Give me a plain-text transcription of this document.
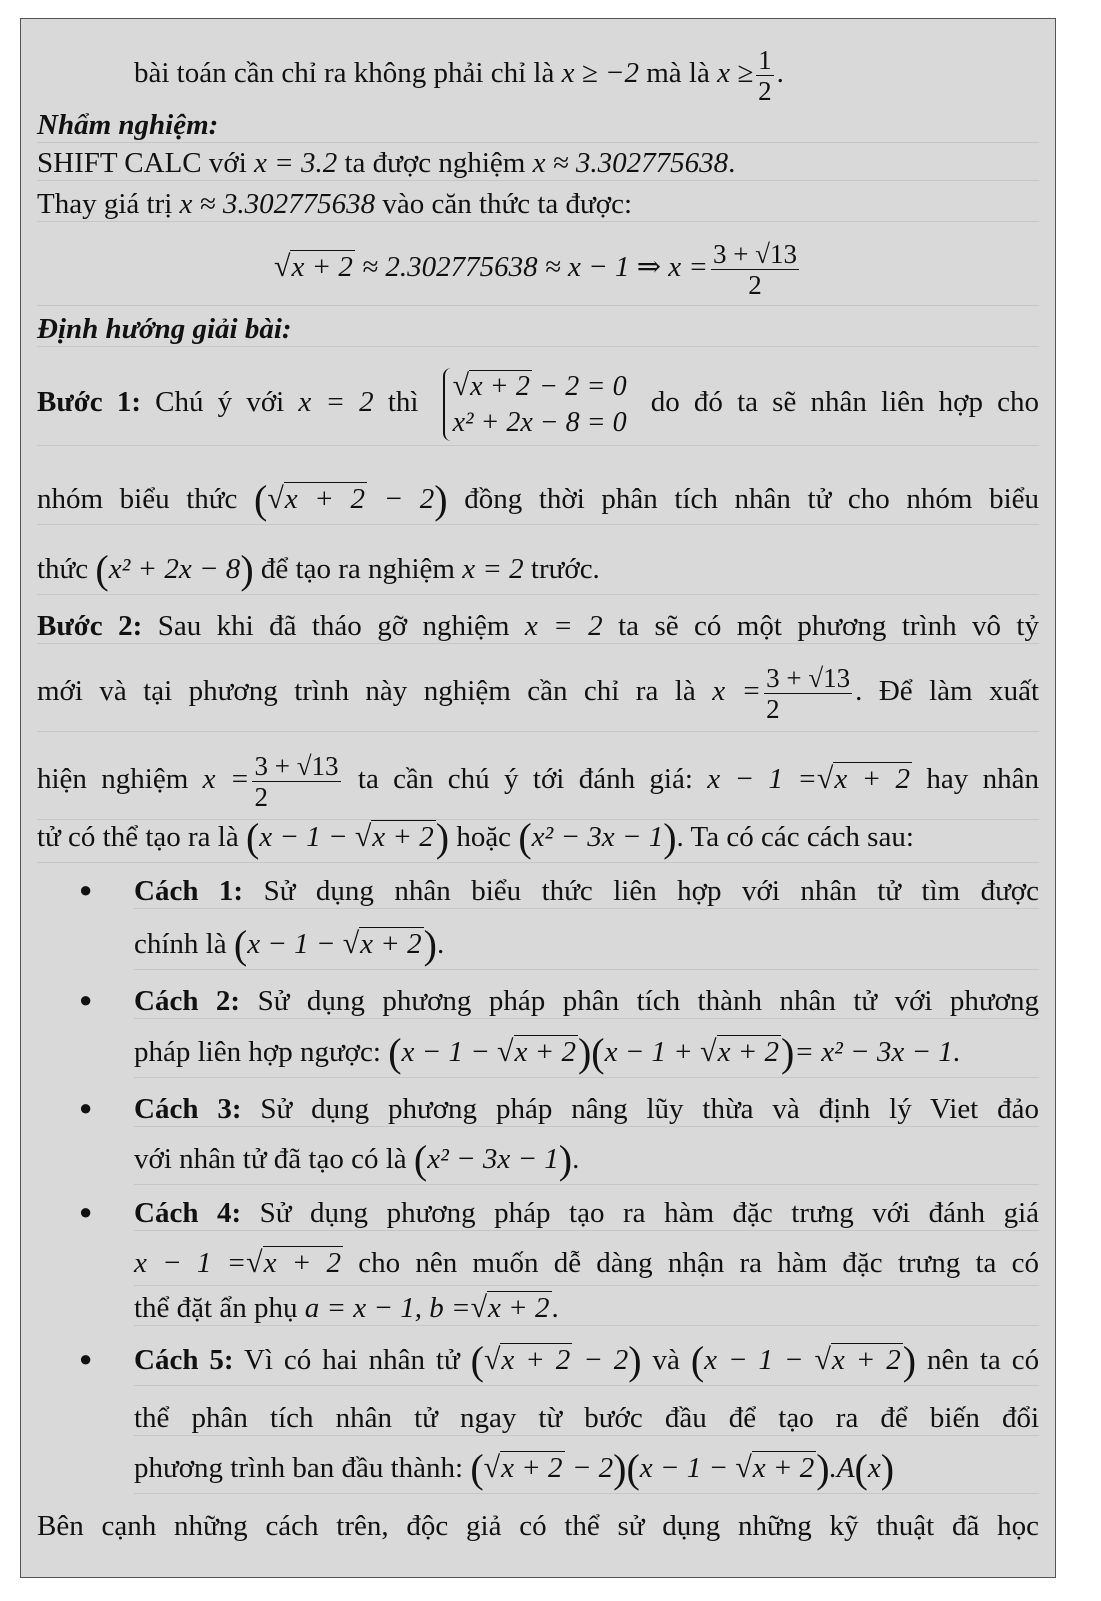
bài toán cần chỉ ra không phải chỉ là x ≥ −2 mà là $x \ge \frac{1}{2}$ .
Nhẩm nghiệm:
SHIFT CALC với x = 3.2 ta được nghiệm x ≈ 3.302775638.
Thay giá trị x ≈ 3.302775638 vào căn thức ta được:
√x + 2 ≈ 2.302775638 ≈ x − 1 ⇒ $x = \frac{3 + √13}{2}$
Định hướng giải bài:
Bước 1: Chú ý với x = 2 thì
√x + 2 − 2 = 0
x² + 2x − 8 = 0
do đó ta sẽ nhân liên hợp cho
nhóm biểu thức (√x + 2 − 2) đồng thời phân tích nhân tử cho nhóm biểu
thức (x² + 2x − 8) để tạo ra nghiệm x = 2 trước.
Bước 2: Sau khi đã tháo gỡ nghiệm x = 2 ta sẽ có một phương trình vô tỷ
mới và tại phương trình này nghiệm cần chỉ ra là $x = \frac{3 + √13}{2}$ . Để làm xuất
hiện nghiệm $x = \frac{3 + √13}{2}$ ta cần chú ý tới đánh giá: x − 1 =√x + 2 hay nhân
tử có thể tạo ra là (x − 1 − √x + 2) hoặc (x² − 3x − 1). Ta có các cách sau:
● Cách 1: Sử dụng nhân biểu thức liên hợp với nhân tử tìm được
chính là (x − 1 − √x + 2).
● Cách 2: Sử dụng phương pháp phân tích thành nhân tử với phương
pháp liên hợp ngược: (x − 1 − √x + 2)(x − 1 + √x + 2)= x² − 3x − 1.
● Cách 3: Sử dụng phương pháp nâng lũy thừa và định lý Viet đảo
với nhân tử đã tạo có là (x² − 3x − 1).
● Cách 4: Sử dụng phương pháp tạo ra hàm đặc trưng với đánh giá
x − 1 =√x + 2 cho nên muốn dễ dàng nhận ra hàm đặc trưng ta có
thể đặt ẩn phụ a = x − 1, b =√x + 2.
● Cách 5: Vì có hai nhân tử (√x + 2 − 2) và (x − 1 − √x + 2) nên ta có
thể phân tích nhân tử ngay từ bước đầu để tạo ra để biến đổi
phương trình ban đầu thành: (√x + 2 − 2)(x − 1 − √x + 2).A(x)
Bên cạnh những cách trên, độc giả có thể sử dụng những kỹ thuật đã học
